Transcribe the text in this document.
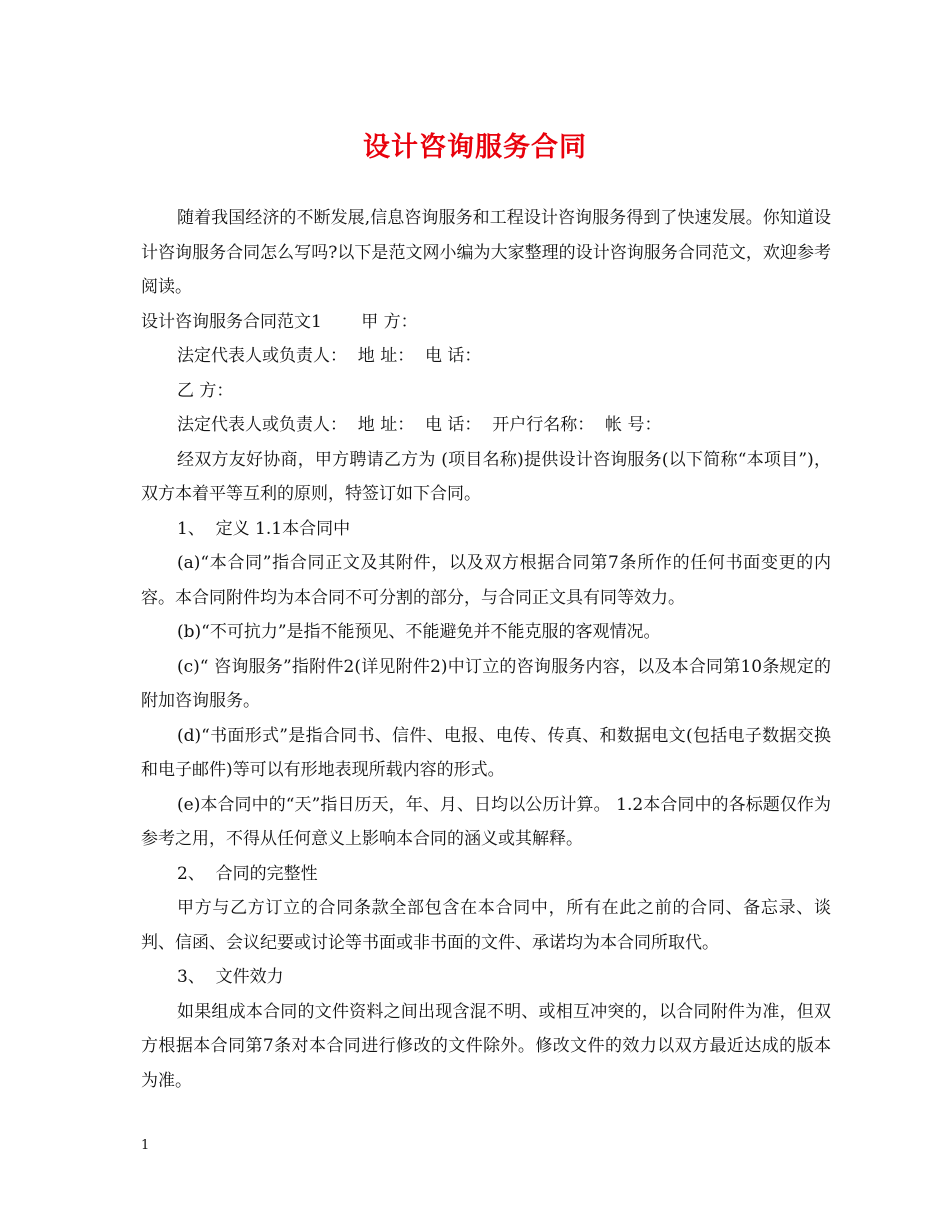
设计咨询服务合同

随着我国经济的不断发展,信息咨询服务和工程设计咨询服务得到了快速发展。你知道设计咨询服务合同怎么写吗?以下是范文网小编为大家整理的设计咨询服务合同范文，欢迎参考阅读。

设计咨询服务合同范文1　　 甲 方：

法定代表人或负责人：  地 址：  电 话：

乙 方：

法定代表人或负责人：  地 址：  电 话：  开户行名称：  帐 号：

经双方友好协商，甲方聘请乙方为 (项目名称)提供设计咨询服务(以下简称“本项目”)，双方本着平等互利的原则，特签订如下合同。

1、  定义 1.1本合同中

(a)“本合同”指合同正文及其附件，以及双方根据合同第7条所作的任何书面变更的内容。本合同附件均为本合同不可分割的部分，与合同正文具有同等效力。

(b)“不可抗力”是指不能预见、不能避免并不能克服的客观情况。

(c)“ 咨询服务”指附件2(详见附件2)中订立的咨询服务内容，以及本合同第10条规定的附加咨询服务。

(d)“书面形式”是指合同书、信件、电报、电传、传真、和数据电文(包括电子数据交换和电子邮件)等可以有形地表现所载内容的形式。

(e)本合同中的“天”指日历天，年、月、日均以公历计算。 1.2本合同中的各标题仅作为参考之用，不得从任何意义上影响本合同的涵义或其解释。

2、  合同的完整性

甲方与乙方订立的合同条款全部包含在本合同中，所有在此之前的合同、备忘录、谈判、信函、会议纪要或讨论等书面或非书面的文件、承诺均为本合同所取代。

3、  文件效力

如果组成本合同的文件资料之间出现含混不明、或相互冲突的，以合同附件为准，但双方根据本合同第7条对本合同进行修改的文件除外。修改文件的效力以双方最近达成的版本为准。

1
